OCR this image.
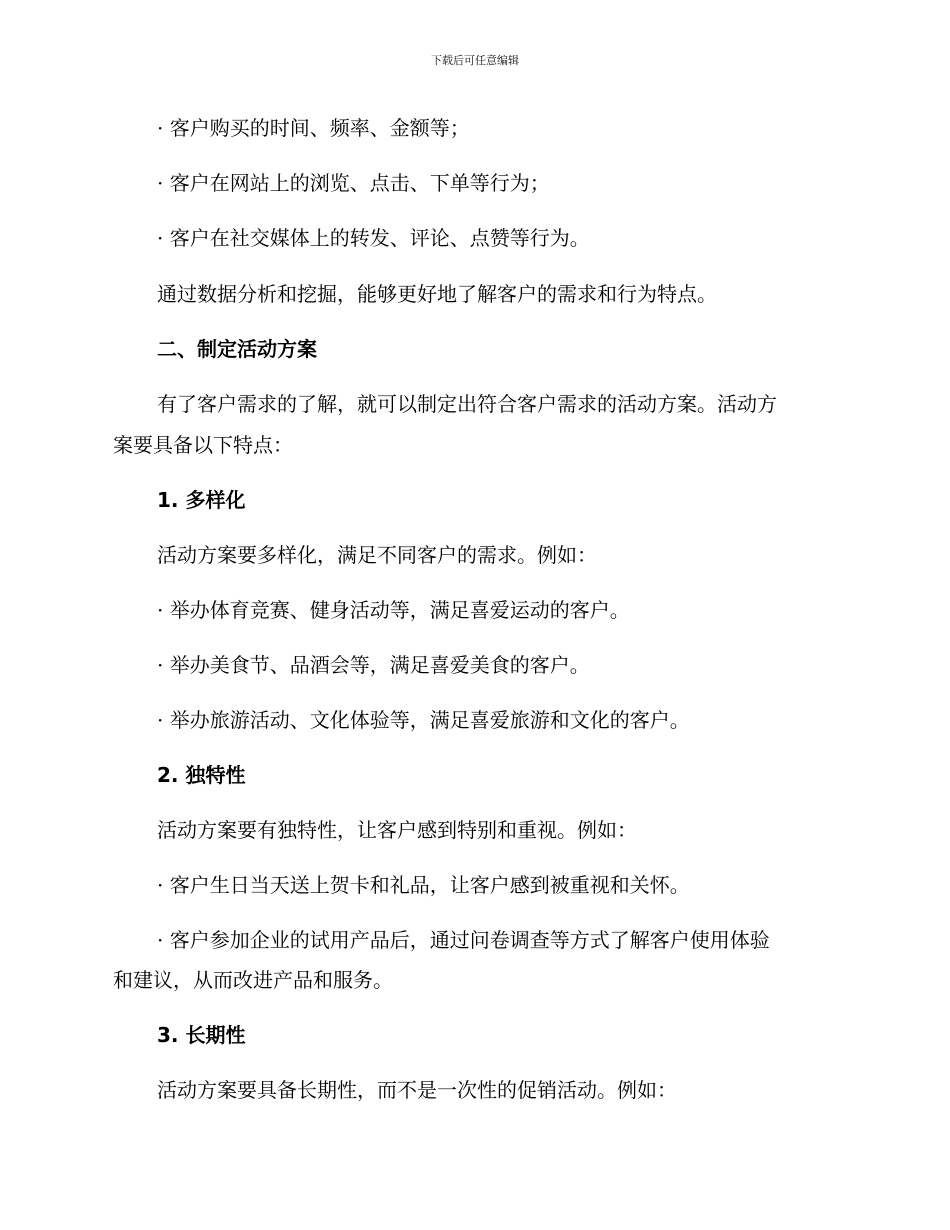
下载后可任意编辑
· 客户购买的时间、频率、金额等；
· 客户在网站上的浏览、点击、下单等行为；
· 客户在社交媒体上的转发、评论、点赞等行为。
通过数据分析和挖掘，能够更好地了解客户的需求和行为特点。
二、制定活动方案
有了客户需求的了解，就可以制定出符合客户需求的活动方案。活动方
案要具备以下特点：
1. 多样化
活动方案要多样化，满足不同客户的需求。例如：
· 举办体育竞赛、健身活动等，满足喜爱运动的客户。
· 举办美食节、品酒会等，满足喜爱美食的客户。
· 举办旅游活动、文化体验等，满足喜爱旅游和文化的客户。
2. 独特性
活动方案要有独特性，让客户感到特别和重视。例如：
· 客户生日当天送上贺卡和礼品，让客户感到被重视和关怀。
· 客户参加企业的试用产品后，通过问卷调查等方式了解客户使用体验
和建议，从而改进产品和服务。
3. 长期性
活动方案要具备长期性，而不是一次性的促销活动。例如：
